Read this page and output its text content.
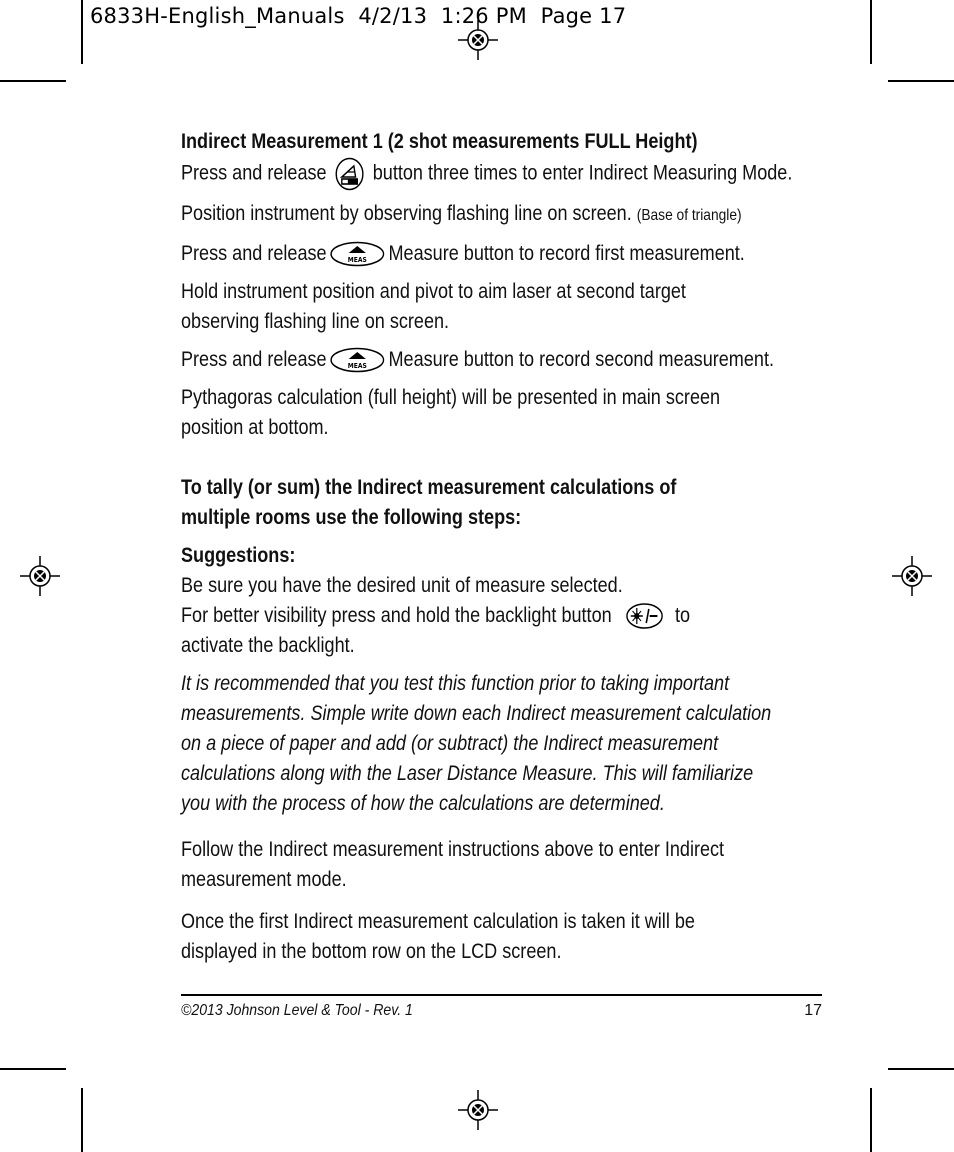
6833H-English_Manuals  4/2/13  1:26 PM  Page 17
Indirect Measurement 1 (2 shot measurements FULL Height)
Press and release button three times to enter Indirect Measuring Mode.
Position instrument by observing flashing line on screen. (Base of triangle)
Press and release	MEAS Measure button to record first measurement.
Hold instrument position and pivot to aim laser at second target
observing flashing line on screen.
Press and release	MEAS Measure button to record second measurement.
Pythagoras calculation (full height) will be presented in main screen
position at bottom.
To tally (or sum) the Indirect measurement calculations of
multiple rooms use the following steps:
Suggestions:
Be sure you have the desired unit of measure selected.
For better visibility press and hold the backlight button	to
activate the backlight.
It is recommended that you test this function prior to taking important
measurements. Simple write down each Indirect measurement calculation
on a piece of paper and add (or subtract) the Indirect measurement
calculations along with the Laser Distance Measure. This will familiarize
you with the process of how the calculations are determined.
Follow the Indirect measurement instructions above to enter Indirect
measurement mode.
Once the first Indirect measurement calculation is taken it will be
displayed in the bottom row on the LCD screen.
©2013 Johnson Level & Tool - Rev. 1	17
